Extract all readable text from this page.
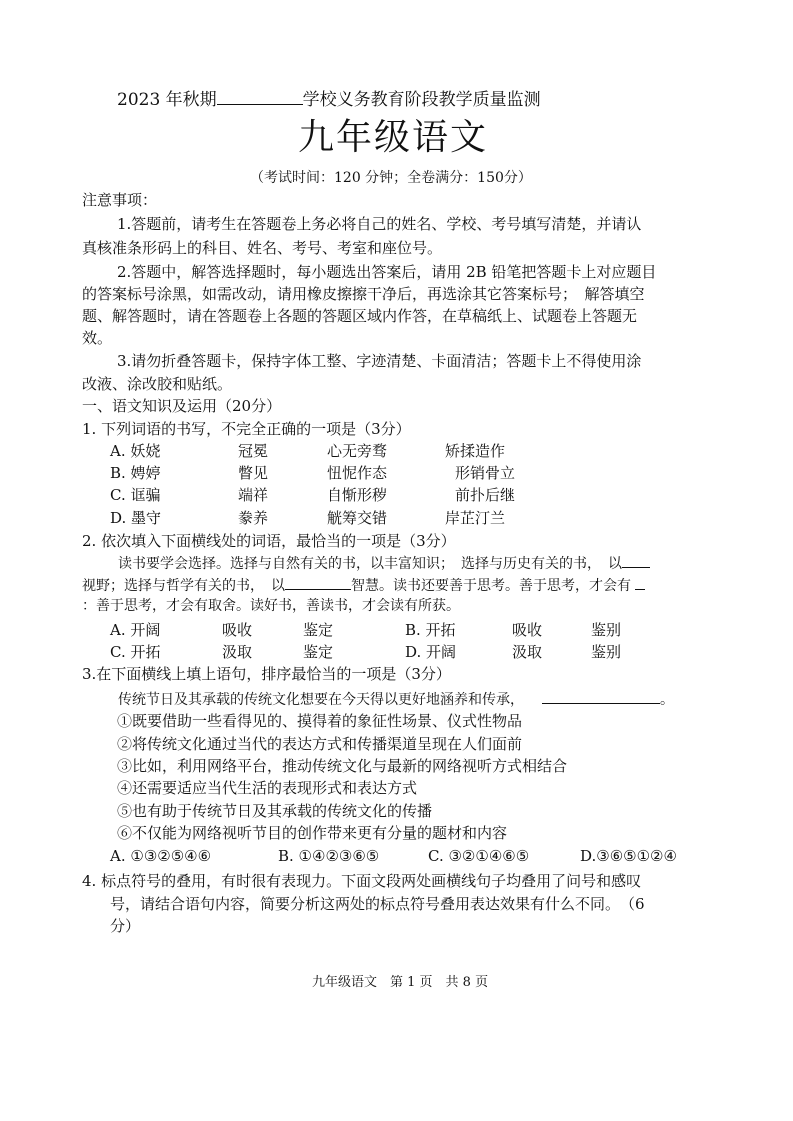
2023 年秋期	学校义务教育阶段教学质量监测
九年级语文
（考试时间：120 分钟；全卷满分：150分）
注意事项：
1.答题前，请考生在答题卷上务必将自己的姓名、学校、考号填写清楚，并请认
真核准条形码上的科目、姓名、考号、考室和座位号。
2.答题中，解答选择题时，每小题选出答案后，请用 2B 铅笔把答题卡上对应题目
的答案标号涂黑，如需改动，请用橡皮擦擦干净后，再选涂其它答案标号；　解答填空
题、解答题时，请在答题卷上各题的答题区域内作答，在草稿纸上、试题卷上答题无
效。
3.请勿折叠答题卡，保持字体工整、字迹清楚、卡面清洁；答题卡上不得使用涂
改液、涂改胶和贴纸。
一、语文知识及运用（20分）
1. 下列词语的书写，不完全正确的一项是（3分）
A. 妖娆	冠冕	心无旁骛	矫揉造作
B. 娉婷	瞥见	忸怩作态	形销骨立
C. 诓骗	端祥	自惭形秽	前扑后继
D. 墨守	豢养	觥筹交错	岸芷汀兰
2. 依次填入下面横线处的词语，最恰当的一项是（3分）
读书要学会选择。选择与自然有关的书，以丰富知识；　选择与历史有关的书，　以
视野；选择与哲学有关的书，　以	智慧。读书还要善于思考。善于思考，才会有
：善于思考，才会有取舍。读好书，善读书，才会读有所获。
A. 开阔	吸收	鉴定	B. 开拓	吸收	鉴别
C. 开拓	汲取	鉴定	D. 开阔	汲取	鉴别
3.在下面横线上填上语句，排序最恰当的一项是（3分）
传统节日及其承载的传统文化想要在今天得以更好地涵养和传承，	。
①既要借助一些看得见的、摸得着的象征性场景、仪式性物品
②将传统文化通过当代的表达方式和传播渠道呈现在人们面前
③比如，利用网络平台，推动传统文化与最新的网络视听方式相结合
④还需要适应当代生活的表现形式和表达方式
⑤也有助于传统节日及其承载的传统文化的传播
⑥不仅能为网络视听节目的创作带来更有分量的题材和内容
A. ①③②⑤④⑥	B. ①④②③⑥⑤	C. ③②①④⑥⑤	D.③⑥⑤①②④
4. 标点符号的叠用，有时很有表现力。下面文段两处画横线句子均叠用了问号和感叹
号，请结合语句内容，简要分析这两处的标点符号叠用表达效果有什么不同。　（6
分）
九年级语文　第 1 页　共 8 页
